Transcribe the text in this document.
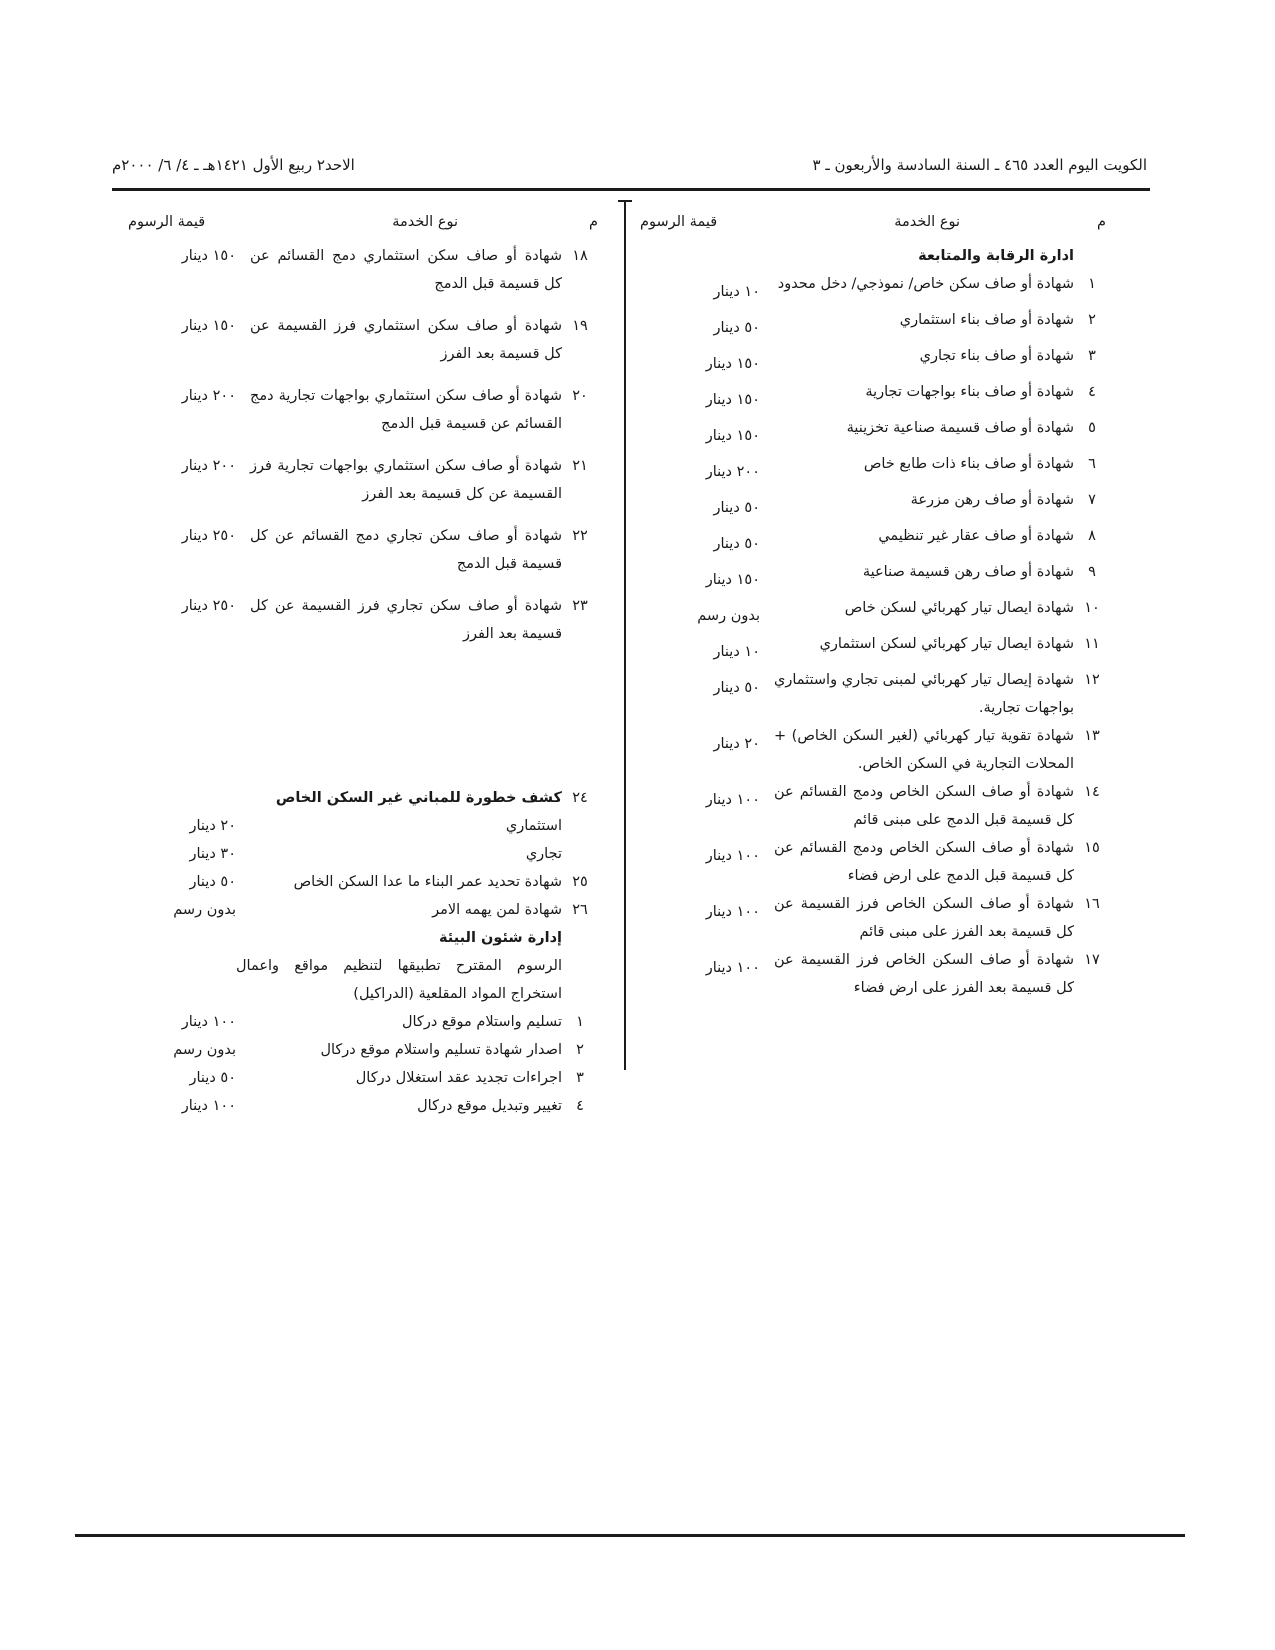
الكويت اليوم العدد ٤٦٥ ـ السنة السادسة والأربعون ـ ٣
الاحد٢ ربيع الأول ١٤٢١هـ ـ ٤/ ٦/ ٢٠٠٠م
م
نوع الخدمة
قيمة الرسوم
ادارة الرقابة والمتابعة
١
شهادة أو صاف سكن خاص/ نموذجي/ دخل محدود
١٠ دينار
٢
شهادة أو صاف بناء استثماري
٥٠ دينار
٣
شهادة أو صاف بناء تجاري
١٥٠ دينار
٤
شهادة أو صاف بناء بواجهات تجارية
١٥٠ دينار
٥
شهادة أو صاف قسيمة صناعية تخزينية
١٥٠ دينار
٦
شهادة أو صاف بناء ذات طابع خاص
٢٠٠ دينار
٧
شهادة أو صاف رهن مزرعة
٥٠ دينار
٨
شهادة أو صاف عقار غير تنظيمي
٥٠ دينار
٩
شهادة أو صاف رهن قسيمة صناعية
١٥٠ دينار
١٠
شهادة ايصال تيار كهربائي لسكن خاص
بدون رسم
١١
شهادة ايصال تيار كهربائي لسكن استثماري
١٠ دينار
١٢
شهادة إيصال تيار كهربائي لمبنى تجاري واستثماري بواجهات تجارية.
٥٠ دينار
١٣
شهادة تقوية تيار كهربائي (لغير السكن الخاص) + المحلات التجارية في السكن الخاص.
٢٠ دينار
١٤
شهادة أو صاف السكن الخاص ودمج القسائم عن كل قسيمة قبل الدمج على مبنى قائم
١٠٠ دينار
١٥
شهادة أو صاف السكن الخاص ودمج القسائم عن كل قسيمة قبل الدمج على ارض فضاء
١٠٠ دينار
١٦
شهادة أو صاف السكن الخاص فرز القسيمة عن كل قسيمة بعد الفرز على مبنى قائم
١٠٠ دينار
١٧
شهادة أو صاف السكن الخاص فرز القسيمة عن كل قسيمة بعد الفرز على ارض فضاء
١٠٠ دينار
م
نوع الخدمة
قيمة الرسوم
١٨
شهادة أو صاف سكن استثماري دمج القسائم عن كل قسيمة قبل الدمج
١٥٠ دينار
١٩
شهادة أو صاف سكن استثماري فرز القسيمة عن كل قسيمة بعد الفرز
١٥٠ دينار
٢٠
شهادة أو صاف سكن استثماري بواجهات تجارية دمج القسائم عن قسيمة قبل الدمج
٢٠٠ دينار
٢١
شهادة أو صاف سكن استثماري بواجهات تجارية فرز القسيمة عن كل قسيمة بعد الفرز
٢٠٠ دينار
٢٢
شهادة أو صاف سكن تجاري دمج القسائم عن كل قسيمة قبل الدمج
٢٥٠ دينار
٢٣
شهادة أو صاف سكن تجاري فرز القسيمة عن كل قسيمة بعد الفرز
٢٥٠ دينار
٢٤
كشف خطورة للمباني غير السكن الخاص
استثماري
٢٠ دينار
تجاري
٣٠ دينار
٢٥
شهادة تحديد عمر البناء ما عدا السكن الخاص
٥٠ دينار
٢٦
شهادة لمن يهمه الامر
بدون رسم
إدارة شئون البيئة
الرسوم المقترح تطبيقها لتنظيم مواقع واعمال استخراج المواد المقلعية (الدراكيل)
١
تسليم واستلام موقع دركال
١٠٠ دينار
٢
اصدار شهادة تسليم واستلام موقع دركال
بدون رسم
٣
اجراءات تجديد عقد استغلال دركال
٥٠ دينار
٤
تغيير وتبديل موقع دركال
١٠٠ دينار
